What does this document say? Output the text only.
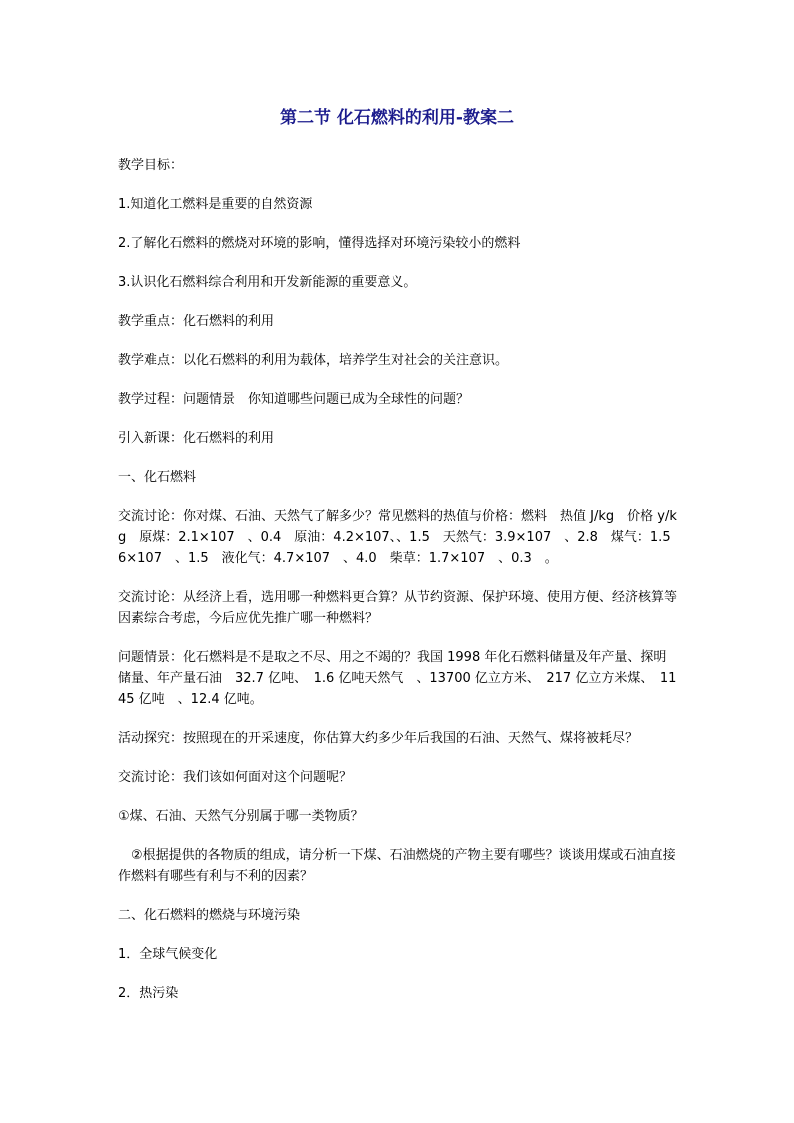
第二节 化石燃料的利用-教案二

教学目标：

1.知道化工燃料是重要的自然资源

2.了解化石燃料的燃烧对环境的影响，懂得选择对环境污染较小的燃料

3.认识化石燃料综合利用和开发新能源的重要意义。

教学重点：化石燃料的利用

教学难点：以化石燃料的利用为载体，培养学生对社会的关注意识。

教学过程：问题情景　你知道哪些问题已成为全球性的问题？

引入新课：化石燃料的利用

一、化石燃料

交流讨论：你对煤、石油、天然气了解多少？常见燃料的热值与价格：燃料　热值 J/kg　价格 y/kg　原煤：2.1×107　、0.4　原油：4.2×107、、1.5　天然气：3.9×107　、2.8　煤气：1.56×107　、1.5　液化气：4.7×107　、4.0　柴草：1.7×107　、0.3　。

交流讨论：从经济上看，选用哪一种燃料更合算？从节约资源、保护环境、使用方便、经济核算等因素综合考虑，今后应优先推广哪一种燃料？

问题情景：化石燃料是不是取之不尽、用之不竭的？我国 1998 年化石燃料储量及年产量、探明储量、年产量石油　32.7 亿吨、　1.6 亿吨天然气　、13700 亿立方米、　217 亿立方米煤、　1145 亿吨　、12.4 亿吨。

活动探究：按照现在的开采速度，你估算大约多少年后我国的石油、天然气、煤将被耗尽？

交流讨论：我们该如何面对这个问题呢？

①煤、石油、天然气分别属于哪一类物质？

②根据提供的各物质的组成，请分析一下煤、石油燃烧的产物主要有哪些？谈谈用煤或石油直接作燃料有哪些有利与不利的因素？

二、化石燃料的燃烧与环境污染

1．全球气候变化

2．热污染
